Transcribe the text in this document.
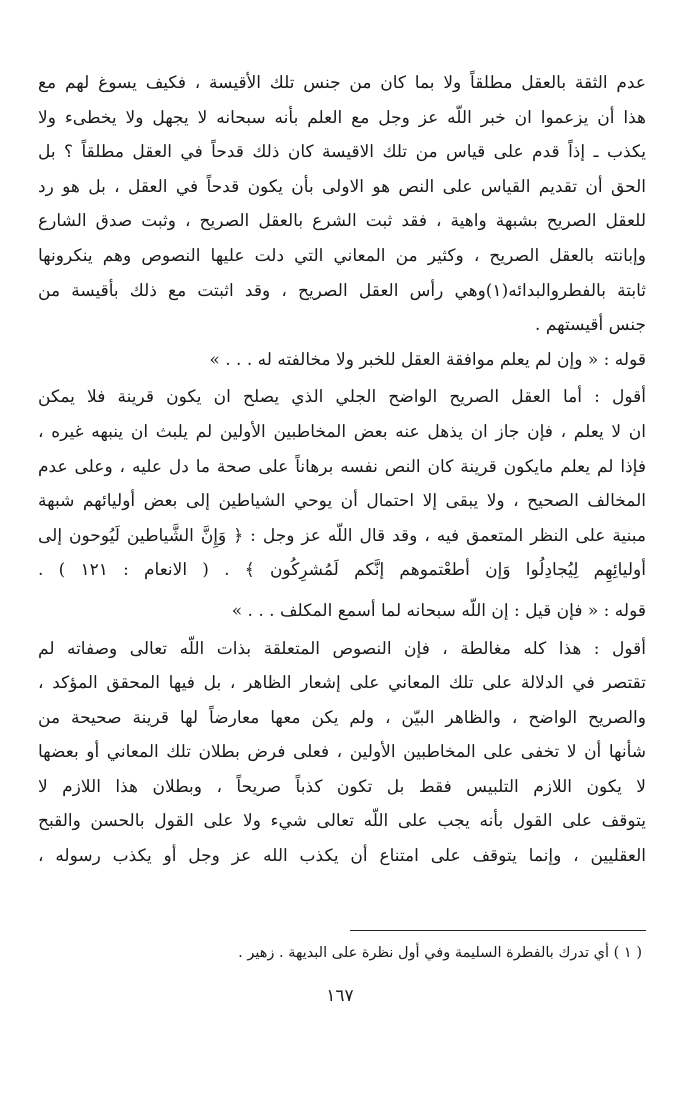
عدم الثقة بالعقل مطلقاً ولا بما كان من جنس تلك الأقيسة ، فكيف يسوغ لهم مع
هذا أن يزعموا ان خبر اللّه عز وجل مع العلم بأنه سبحانه لا يجهل ولا يخطىء ولا
يكذب ـ إذاً قدم على قياس من تلك الاقيسة كان ذلك قدحاً في العقل مطلقاً ؟ بل
الحق أن تقديم القياس على النص هو الاولى بأن يكون قدحاً في العقل ، بل هو رد
للعقل الصريح بشبهة واهية ، فقد ثبت الشرع بالعقل الصريح ، وثبت صدق الشارع
وإبانته بالعقل الصريح ، وكثير من المعاني التي دلت عليها النصوص وهم ينكرونها
ثابتة بالفطروالبدائه(١)وهي رأس العقل الصريح ، وقد اثبتت مع ذلك بأقيسة من
جنس أقيستهم .
قوله : « وإن لم يعلم موافقة العقل للخبر ولا مخالفته له . . . »
أقول : أما العقل الصريح الواضح الجلي الذي يصلح ان يكون قرينة فلا يمكن
ان لا يعلم ، فإن جاز ان يذهل عنه بعض المخاطبين الأولين لم يلبث ان ينبهه غيره ،
فإذا لم يعلم مايكون قرينة كان النص نفسه برهاناً على صحة ما دل عليه ، وعلى عدم
المخالف الصحيح ، ولا يبقى إلا احتمال أن يوحي الشياطين إلى بعض أوليائهم شبهة
مبنية على النظر المتعمق فيه ، وقد قال اللّه عز وجل : ﴿ وَإِنَّ الشَّياطين لَيُوحون إلى
أوليائِهِم لِيُجادِلُوا وَإن أطعْتموهم إنَّكم لَمُشرِكُون ﴾ . ( الانعام : ١٢١ ) .
قوله : « فإن قيل : إن اللّه سبحانه لما أسمع المكلف . . . »
أقول : هذا كله مغالطة ، فإن النصوص المتعلقة بذات اللّه تعالى وصفاته لم
تقتصر في الدلالة على تلك المعاني على إشعار الظاهر ، بل فيها المحقق المؤكد ،
والصريح الواضح ، والظاهر البيّن ، ولم يكن معها معارضاً لها قرينة صحيحة من
شأنها أن لا تخفى على المخاطبين الأولين ، فعلى فرض بطلان تلك المعاني أو بعضها
لا يكون اللازم التلبيس فقط بل تكون كذباً صريحاً ، وبطلان هذا اللازم لا
يتوقف على القول بأنه يجب على اللّه تعالى شيء ولا على القول بالحسن والقبح
العقليين ، وإنما يتوقف على امتناع أن يكذب الله عز وجل أو يكذب رسوله ،
( ١ ) أي تدرك بالفطرة السليمة وفي أول نظرة على البديهة . زهير .
١٦٧
